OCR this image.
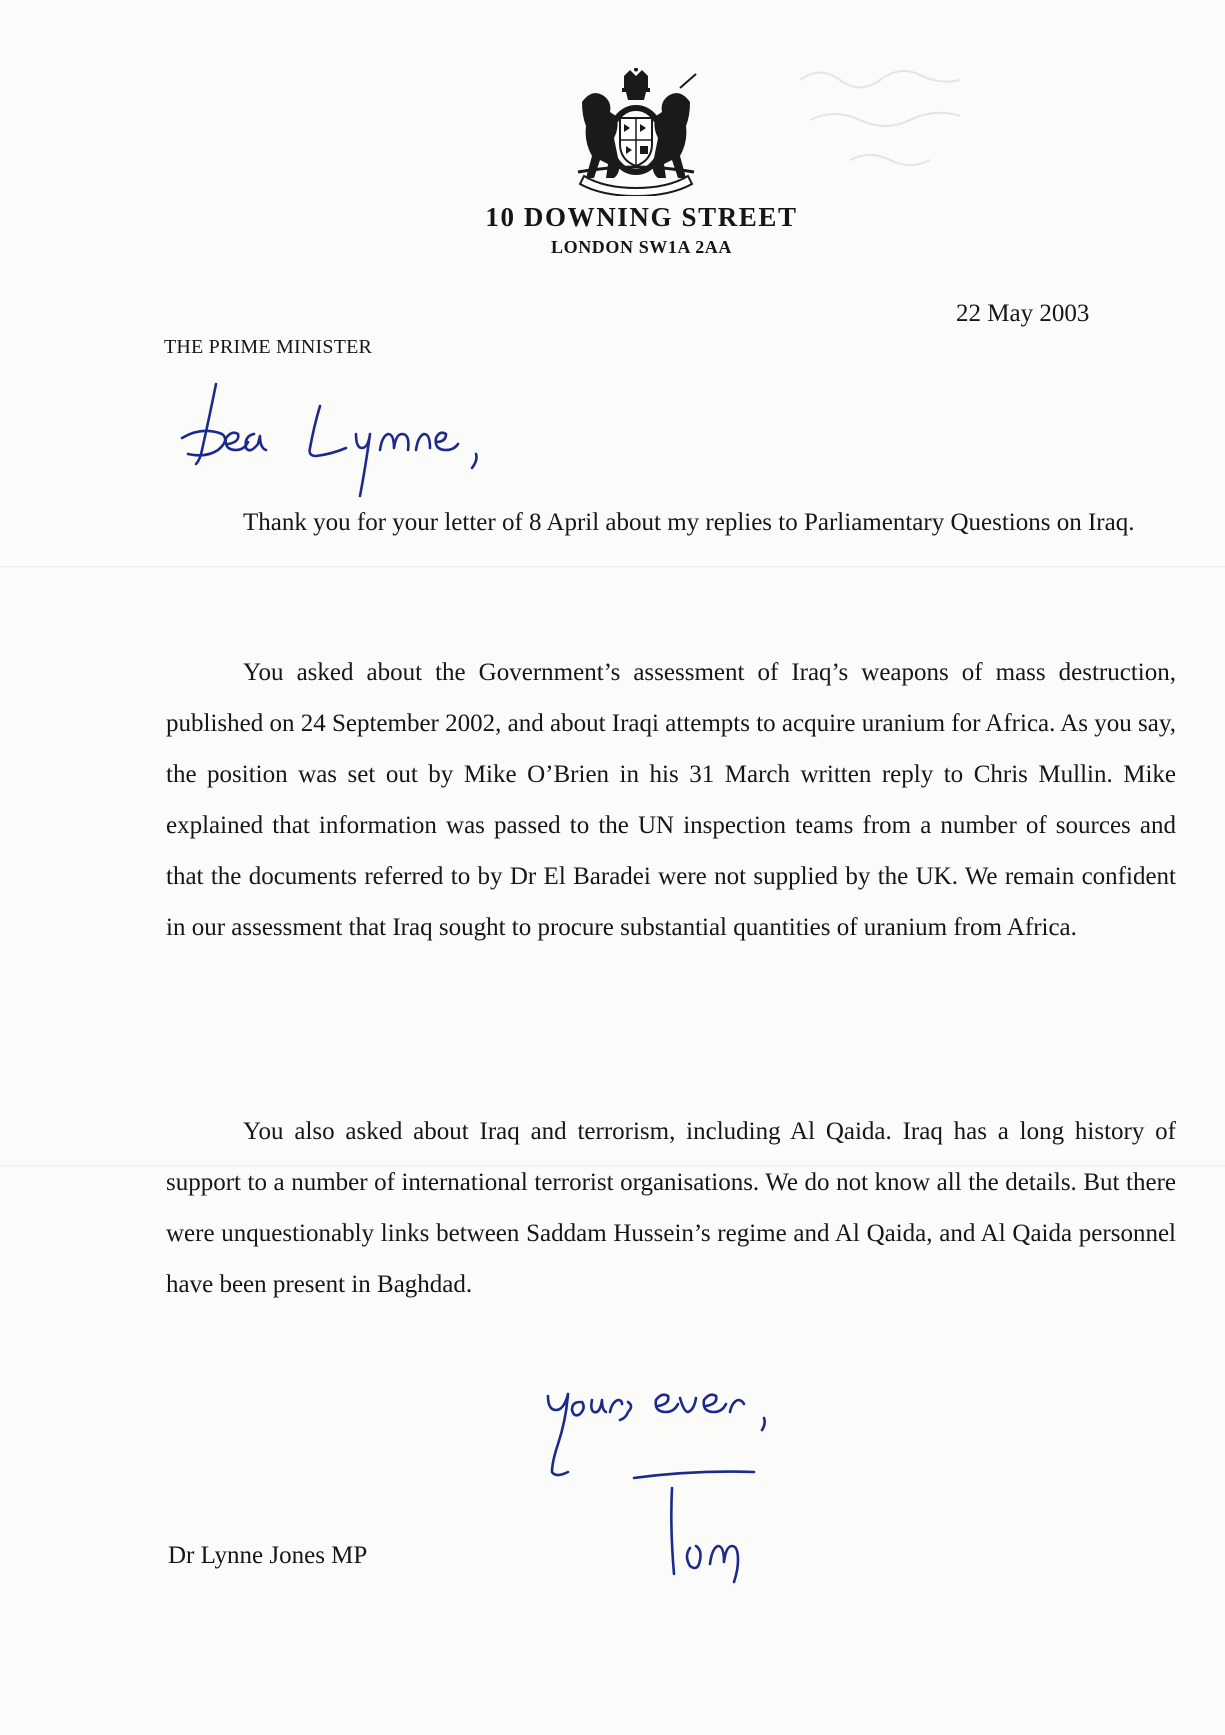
10 DOWNING STREET
LONDON SW1A 2AA
22 May 2003
THE PRIME MINISTER

Thank you for your letter of 8 April about my replies to Parliamentary Questions on Iraq.

You asked about the Government’s assessment of Iraq’s weapons of mass destruction, published on 24 September 2002, and about Iraqi attempts to acquire uranium for Africa. As you say, the position was set out by Mike O’Brien in his 31 March written reply to Chris Mullin. Mike explained that information was passed to the UN inspection teams from a number of sources and that the documents referred to by Dr El Baradei were not supplied by the UK. We remain confident in our assessment that Iraq sought to procure substantial quantities of uranium from Africa.

You also asked about Iraq and terrorism, including Al Qaida. Iraq has a long history of support to a number of international terrorist organisations. We do not know all the details. But there were unquestionably links between Saddam Hussein’s regime and Al Qaida, and Al Qaida personnel have been present in Baghdad.

Dr Lynne Jones MP
